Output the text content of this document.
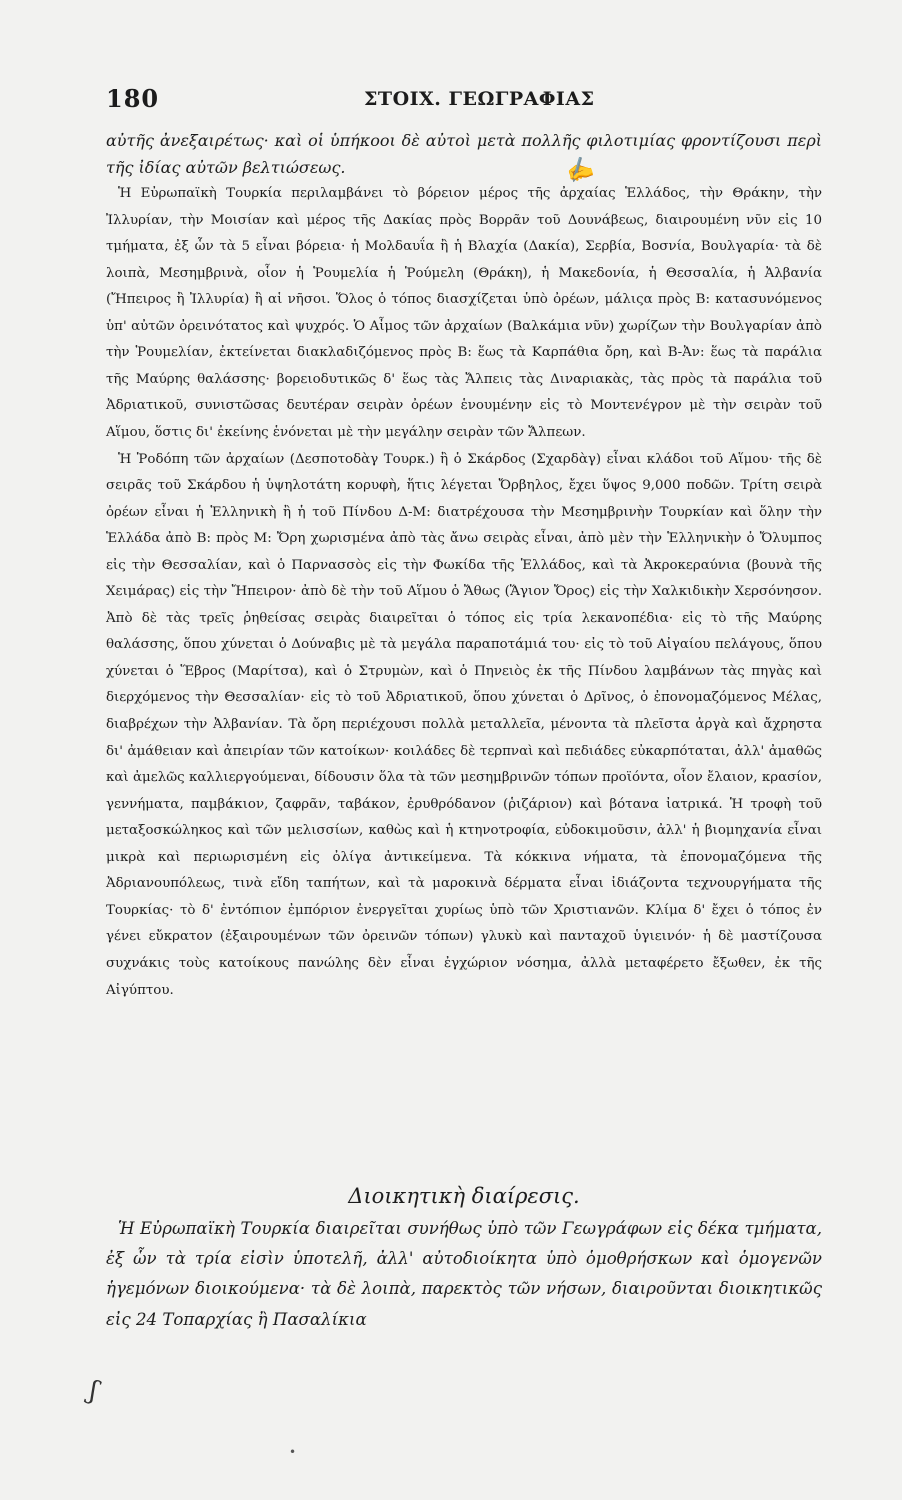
180	ΣΤΟΙΧ. ΓΕΩΓΡΑΦΙΑΣ

αὐτῆς ἀνεξαιρέτως· καὶ οἱ ὑπήκοοι δὲ αὐτοὶ μετὰ πολλῆς φιλοτιμίας φροντίζουσι περὶ τῆς ἰδίας αὐτῶν βελτιώσεως.

Ἡ Εὐρωπαϊκὴ Τουρκία περιλαμβάνει τὸ βόρειον μέρος τῆς ἀρχαίας Ἑλλάδος, τὴν Θράκην, τὴν Ἰλλυρίαν, τὴν Μοισίαν καὶ μέρος τῆς Δακίας πρὸς Βορρᾶν τοῦ Δουνάβεως, διαιρουμένη νῦν εἰς 10 τμήματα, ἐξ ὧν τὰ 5 εἶναι βόρεια· ἡ Μολδαυΐα ἢ ἡ Βλαχία (Δακία), Σερβία, Βοσνία, Βουλγαρία· τὰ δὲ λοιπὰ, Μεσημβρινὰ, οἷον ἡ Ῥουμελία ἡ Ῥούμελη (Θράκη), ἡ Μακεδονία, ἡ Θεσσαλία, ἡ Ἀλβανία (Ἤπειρος ἢ Ἰλλυρία) ἢ αἱ νῆσοι. Ὅλος ὁ τόπος διασχίζεται ὑπὸ ὀρέων, μάλιςα πρὸς Β: κατασυνόμενος ὑπ' αὐτῶν ὀρεινότατος καὶ ψυχρός. Ὁ Αἶμος τῶν ἀρχαίων (Βαλκάμια νῦν) χωρίζων τὴν Βουλγαρίαν ἀπὸ τὴν Ῥουμελίαν, ἐκτείνεται διακλαδιζόμενος πρὸς Β: ἕως τὰ Καρπάθια ὄρη, καὶ Β-Ἀν: ἕως τὰ παράλια τῆς Μαύρης θαλάσσης· βορειοδυτικῶς δ' ἕως τὰς Ἄλπεις τὰς Διναριακὰς, τὰς πρὸς τὰ παράλια τοῦ Ἀδριατικοῦ, συνιστῶσας δευτέραν σειρὰν ὀρέων ἑνουμένην εἰς τὸ Μοντενέγρον μὲ τὴν σειρὰν τοῦ Αἵμου, ὅστις δι' ἐκείνης ἑνόνεται μὲ τὴν μεγάλην σειρὰν τῶν Ἄλπεων.

Ἡ Ῥοδόπη τῶν ἀρχαίων (Δεσποτοδὰγ Τουρκ.) ἢ ὁ Σκάρδος (Σχαρδὰγ) εἶναι κλάδοι τοῦ Αἵμου· τῆς δὲ σειρᾶς τοῦ Σκάρδου ἡ ὑψηλοτάτη κορυφὴ, ἥτις λέγεται Ὄρβηλος, ἔχει ὕψος 9,000 ποδῶν. Τρίτη σειρὰ ὀρέων εἶναι ἡ Ἑλληνικὴ ἢ ἡ τοῦ Πίνδου Δ-Μ: διατρέχουσα τὴν Μεσημβρινὴν Τουρκίαν καὶ ὅλην τὴν Ἑλλάδα ἀπὸ Β: πρὸς Μ: Ὄρη χωρισμένα ἀπὸ τὰς ἄνω σειρὰς εἶναι, ἀπὸ μὲν τὴν Ἑλληνικὴν ὁ Ὄλυμπος εἰς τὴν Θεσσαλίαν, καὶ ὁ Παρνασσὸς εἰς τὴν Φωκίδα τῆς Ἑλλάδος, καὶ τὰ Ἀκροκεραύνια (βουνὰ τῆς Χειμάρας) εἰς τὴν Ἤπειρον· ἀπὸ δὲ τὴν τοῦ Αἵμου ὁ Ἄθως (Ἅγιον Ὄρος) εἰς τὴν Χαλκιδικὴν Χερσόνησον. Ἀπὸ δὲ τὰς τρεῖς ῥηθείσας σειρὰς διαιρεῖται ὁ τόπος εἰς τρία λεκανοπέδια· εἰς τὸ τῆς Μαύρης θαλάσσης, ὅπου χύνεται ὁ Δούναβις μὲ τὰ μεγάλα παραποτάμιά του· εἰς τὸ τοῦ Αἰγαίου πελάγους, ὅπου χύνεται ὁ Ἕβρος (Μαρίτσα), καὶ ὁ Στρυμὼν, καὶ ὁ Πηνειὸς ἐκ τῆς Πίνδου λαμβάνων τὰς πηγὰς καὶ διερχόμενος τὴν Θεσσαλίαν· εἰς τὸ τοῦ Ἀδριατικοῦ, ὅπου χύνεται ὁ Δρῖνος, ὁ ἐπονομαζόμενος Μέλας, διαβρέχων τὴν Ἀλβανίαν. Τὰ ὄρη περιέχουσι πολλὰ μεταλλεῖα, μένοντα τὰ πλεῖστα ἀργὰ καὶ ἄχρηστα δι' ἀμάθειαν καὶ ἀπειρίαν τῶν κατοίκων· κοιλάδες δὲ τερπναὶ καὶ πεδιάδες εὐκαρπόταται, ἀλλ' ἀμαθῶς καὶ ἀμελῶς καλλιεργούμεναι, δίδουσιν ὅλα τὰ τῶν μεσημβρινῶν τόπων προϊόντα, οἷον ἔλαιον, κρασίον, γεννήματα, παμβάκιον, ζαφρᾶν, ταβάκον, ἐρυθρόδανον (ῥιζάριον) καὶ βότανα ἰατρικά. Ἡ τροφὴ τοῦ μεταξοσκώληκος καὶ τῶν μελισσίων, καθὼς καὶ ἡ κτηνοτροφία, εὐδοκιμοῦσιν, ἀλλ' ἡ βιομηχανία εἶναι μικρὰ καὶ περιωρισμένη εἰς ὀλίγα ἀντικείμενα. Τὰ κόκκινα νήματα, τὰ ἐπονομαζόμενα τῆς Ἀδριανουπόλεως, τινὰ εἴδη ταπήτων, καὶ τὰ μαροκινὰ δέρματα εἶναι ἰδιάζοντα τεχνουργήματα τῆς Τουρκίας· τὸ δ' ἐντόπιον ἐμπόριον ἐνεργεῖται χυρίως ὑπὸ τῶν Χριστιανῶν. Κλίμα δ' ἔχει ὁ τόπος ἐν γένει εὔκρατον (ἐξαιρουμένων τῶν ὀρεινῶν τόπων) γλυκὺ καὶ πανταχοῦ ὑγιεινόν· ἡ δὲ μαστίζουσα συχνάκις τοὺς κατοίκους πανώλης δὲν εἶναι ἐγχώριον νόσημα, ἀλλὰ μεταφέρετο ἔξωθεν, ἐκ τῆς Αἰγύπτου.

Διοικητικὴ διαίρεσις.

Ἡ Εὐρωπαϊκὴ Τουρκία διαιρεῖται συνήθως ὑπὸ τῶν Γεωγράφων εἰς δέκα τμήματα, ἐξ ὧν τὰ τρία εἰσὶν ὑποτελῆ, ἀλλ' αὐτοδιοίκητα ὑπὸ ὁμοθρήσκων καὶ ὁμογενῶν ἡγεμόνων διοικούμενα· τὰ δὲ λοιπὰ, παρεκτὸς τῶν νήσων, διαιροῦνται διοικητικῶς εἰς 24 Τοπαρχίας ἢ Πασαλίκια

✍
ʃ
•
